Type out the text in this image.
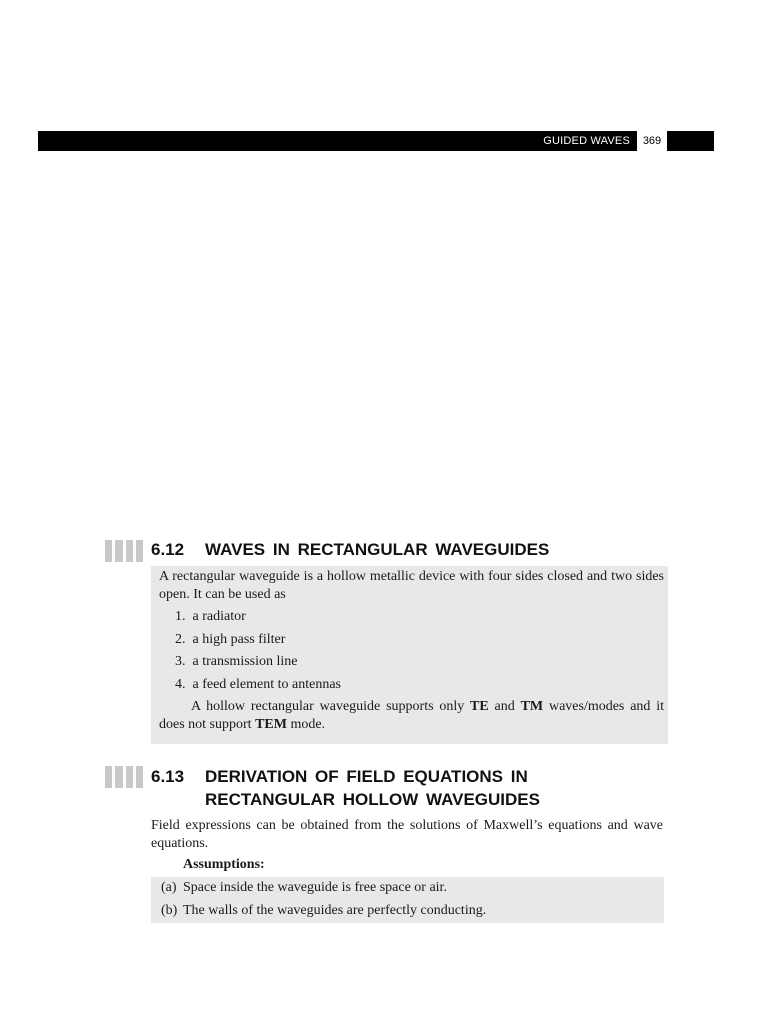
GUIDED WAVES	369
6.12 WAVES IN RECTANGULAR WAVEGUIDES
A rectangular waveguide is a hollow metallic device with four sides closed and two sides open. It can be used as
1. a radiator
2. a high pass filter
3. a transmission line
4. a feed element to antennas
A hollow rectangular waveguide supports only TE and TM waves/modes and it does not support TEM mode.
6.13 DERIVATION OF FIELD EQUATIONS IN
RECTANGULAR HOLLOW WAVEGUIDES
Field expressions can be obtained from the solutions of Maxwell’s equations and wave equations.
Assumptions:
(a) Space inside the waveguide is free space or air.
(b) The walls of the waveguides are perfectly conducting.
